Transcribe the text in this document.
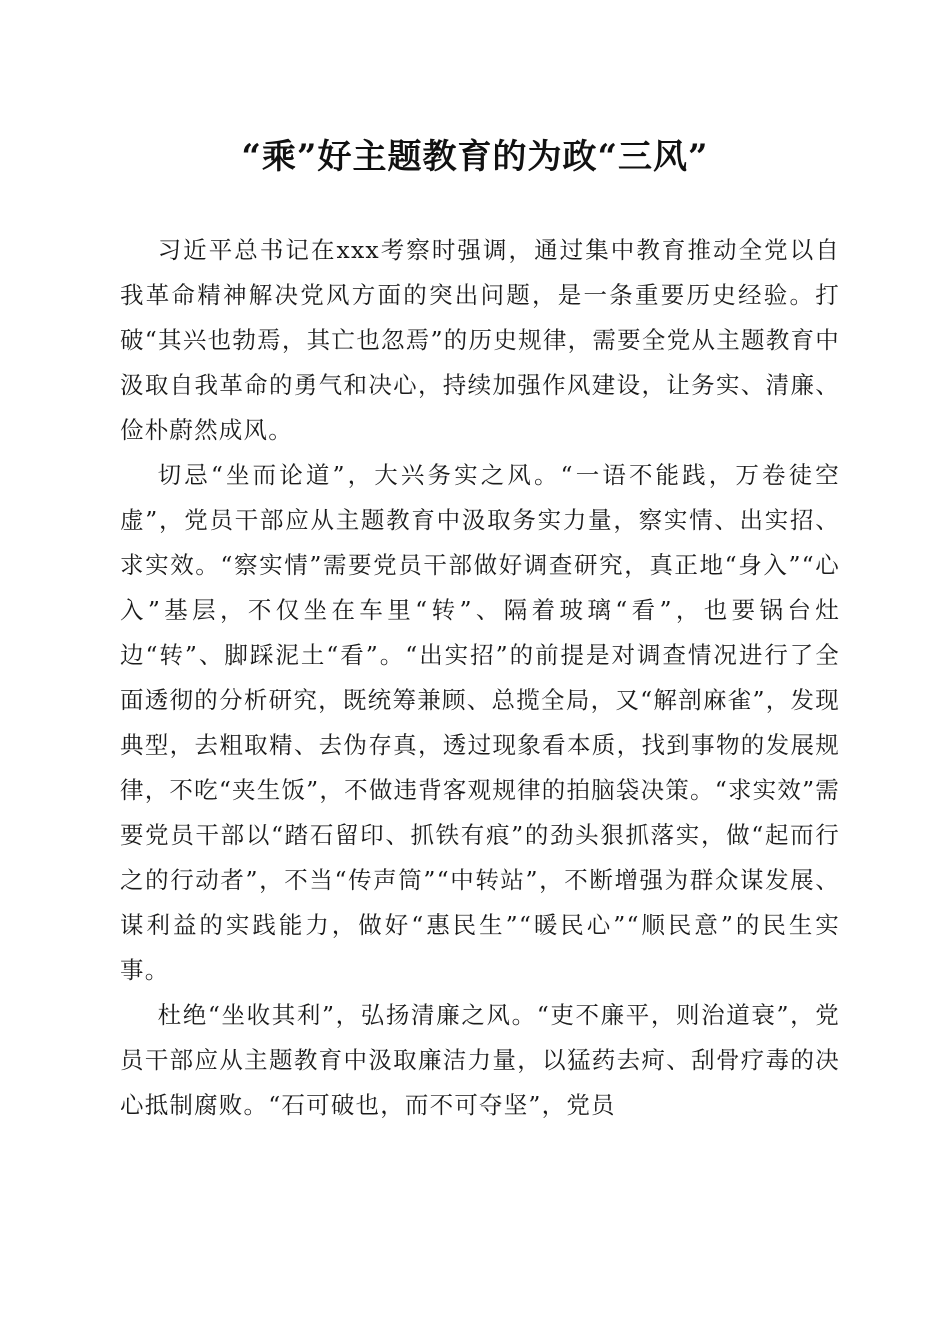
“乘”好主题教育的为政“三风”

习近平总书记在xxx考察时强调，通过集中教育推动全党以自我革命精神解决党风方面的突出问题，是一条重要历史经验。打破“其兴也勃焉，其亡也忽焉”的历史规律，需要全党从主题教育中汲取自我革命的勇气和决心，持续加强作风建设，让务实、清廉、俭朴蔚然成风。

切忌“坐而论道”，大兴务实之风。“一语不能践，万卷徒空虚”，党员干部应从主题教育中汲取务实力量，察实情、出实招、求实效。“察实情”需要党员干部做好调查研究，真正地“身入”“心入”基层，不仅坐在车里“转”、隔着玻璃“看”，也要锅台灶边“转”、脚踩泥土“看”。“出实招”的前提是对调查情况进行了全面透彻的分析研究，既统筹兼顾、总揽全局，又“解剖麻雀”，发现典型，去粗取精、去伪存真，透过现象看本质，找到事物的发展规律，不吃“夹生饭”，不做违背客观规律的拍脑袋决策。“求实效”需要党员干部以“踏石留印、抓铁有痕”的劲头狠抓落实，做“起而行之的行动者”，不当“传声筒”“中转站”，不断增强为群众谋发展、谋利益的实践能力，做好“惠民生”“暖民心”“顺民意”的民生实事。

杜绝“坐收其利”，弘扬清廉之风。“吏不廉平，则治道衰”，党员干部应从主题教育中汲取廉洁力量，以猛药去疴、刮骨疗毒的决心抵制腐败。“石可破也，而不可夺坚”，党员
